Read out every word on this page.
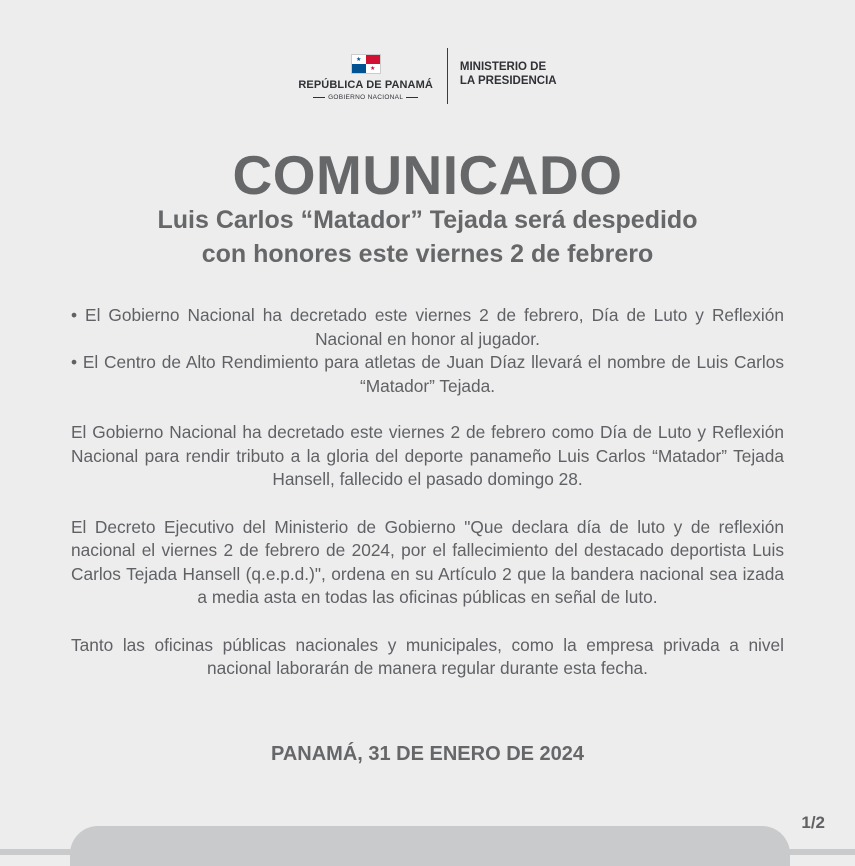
★
★
REPÚBLICA DE PANAMÁ
GOBIERNO NACIONAL
MINISTERIO DE
LA PRESIDENCIA
COMUNICADO
Luis Carlos “Matador” Tejada será despedido
con honores este viernes 2 de febrero

• El Gobierno Nacional ha decretado este viernes 2 de febrero, Día de Luto y Reflexión Nacional en honor al jugador.

• El Centro de Alto Rendimiento para atletas de Juan Díaz llevará el nombre de Luis Carlos “Matador” Tejada.

El Gobierno Nacional ha decretado este viernes 2 de febrero como Día de Luto y Reflexión Nacional para rendir tributo a la gloria del deporte panameño Luis Carlos “Matador” Tejada Hansell, fallecido el pasado domingo 28.

El Decreto Ejecutivo del Ministerio de Gobierno "Que declara día de luto y de reflexión nacional el viernes 2 de febrero de 2024, por el fallecimiento del destacado deportista Luis Carlos Tejada Hansell (q.e.p.d.)", ordena en su Artículo 2 que la bandera nacional sea izada a media asta en todas las oficinas públicas en señal de luto.

Tanto las oficinas públicas nacionales y municipales, como la empresa privada a nivel nacional laborarán de manera regular durante esta fecha.

PANAMÁ, 31 DE ENERO DE 2024

1/2
